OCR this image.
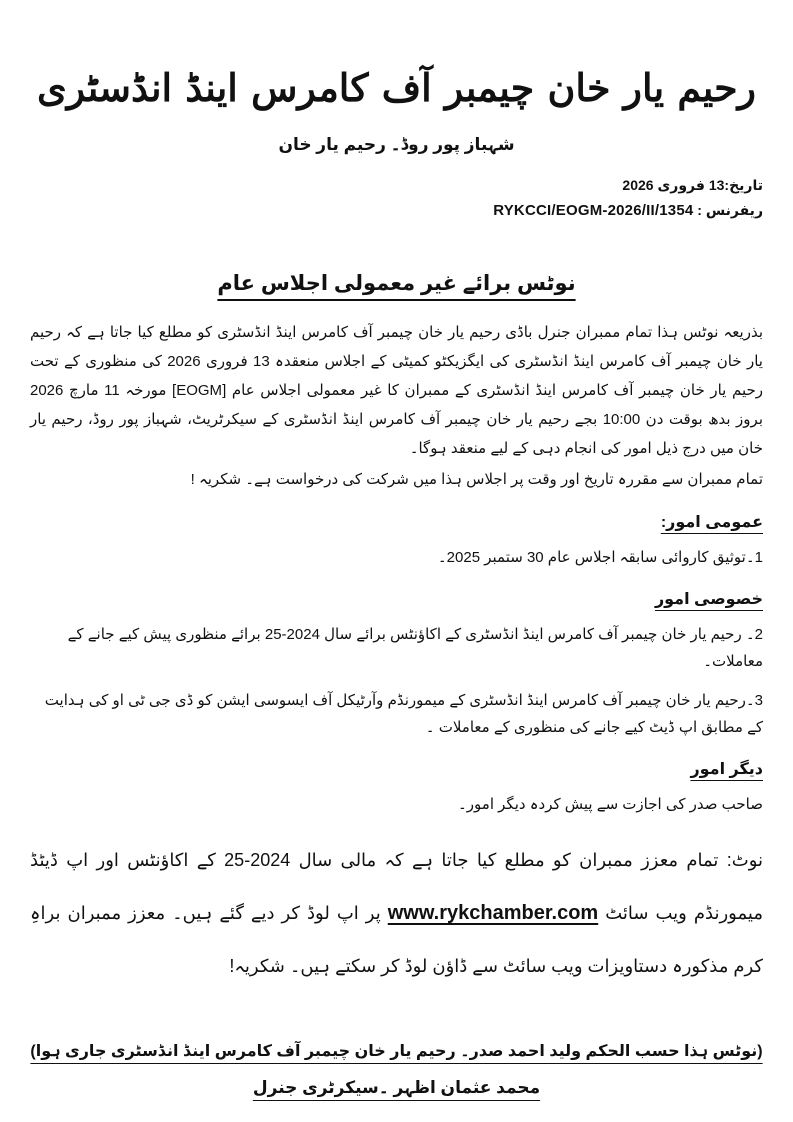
رحیم یار خان چیمبر آف کامرس اینڈ انڈسٹری
شہباز پور روڈ۔ رحیم یار خان
تاریخ:13 فروری 2026
ریفرنس : RYKCCI/EOGM-2026/II/1354
نوٹس برائے غیر معمولی اجلاس عام

بذریعہ نوٹس ہذا تمام ممبران جنرل باڈی رحیم یار خان چیمبر آف کامرس اینڈ انڈسٹری کو مطلع کیا جاتا ہے کہ رحیم یار خان چیمبر آف کامرس اینڈ انڈسٹری کی ایگزیکٹو کمیٹی کے اجلاس منعقدہ 13 فروری 2026 کی منظوری کے تحت رحیم یار خان چیمبر آف کامرس اینڈ انڈسٹری کے ممبران کا غیر معمولی اجلاس عام [EOGM] مورخہ 11 مارچ 2026 بروز بدھ بوقت دن 10:00 بجے رحیم یار خان چیمبر آف کامرس اینڈ انڈسٹری کے سیکرٹریٹ، شہباز پور روڈ، رحیم یار خان میں درج ذیل امور کی انجام دہی کے لیے منعقد ہوگا۔

تمام ممبران سے مقررہ تاریخ اور وقت پر اجلاس ہذا میں شرکت کی درخواست ہے۔ شکریہ !

عمومی امور:
1۔توثیق کاروائی سابقہ اجلاس عام 30 ستمبر 2025۔
خصوصی امور
2۔ رحیم یار خان چیمبر آف کامرس اینڈ انڈسٹری کے اکاؤنٹس برائے سال 2024-25 برائے منظوری پیش کیے جانے کے معاملات۔
3۔رحیم یار خان چیمبر آف کامرس اینڈ انڈسٹری کے میمورنڈم وآرٹیکل آف ایسوسی ایشن کو ڈی جی ٹی او کی ہدایت کے مطابق اپ ڈیٹ کیے جانے کی منظوری کے معاملات ۔
دیگر امور
صاحب صدر کی اجازت سے پیش کردہ دیگر امور۔

نوٹ: تمام معزز ممبران کو مطلع کیا جاتا ہے کہ مالی سال 2024-25 کے اکاؤنٹس اور اپ ڈیٹڈ میمورنڈم ویب سائٹ www.rykchamber.com پر اپ لوڈ کر دیے گئے ہیں۔ معزز ممبران براہِ کرم مذکورہ دستاویزات ویب سائٹ سے ڈاؤن لوڈ کر سکتے ہیں۔ شکریہ!

(نوٹس ہذا حسب الحکم ولید احمد صدر۔ رحیم یار خان چیمبر آف کامرس اینڈ انڈسٹری جاری ہوا)
محمد عثمان اظہر ۔سیکرٹری جنرل
